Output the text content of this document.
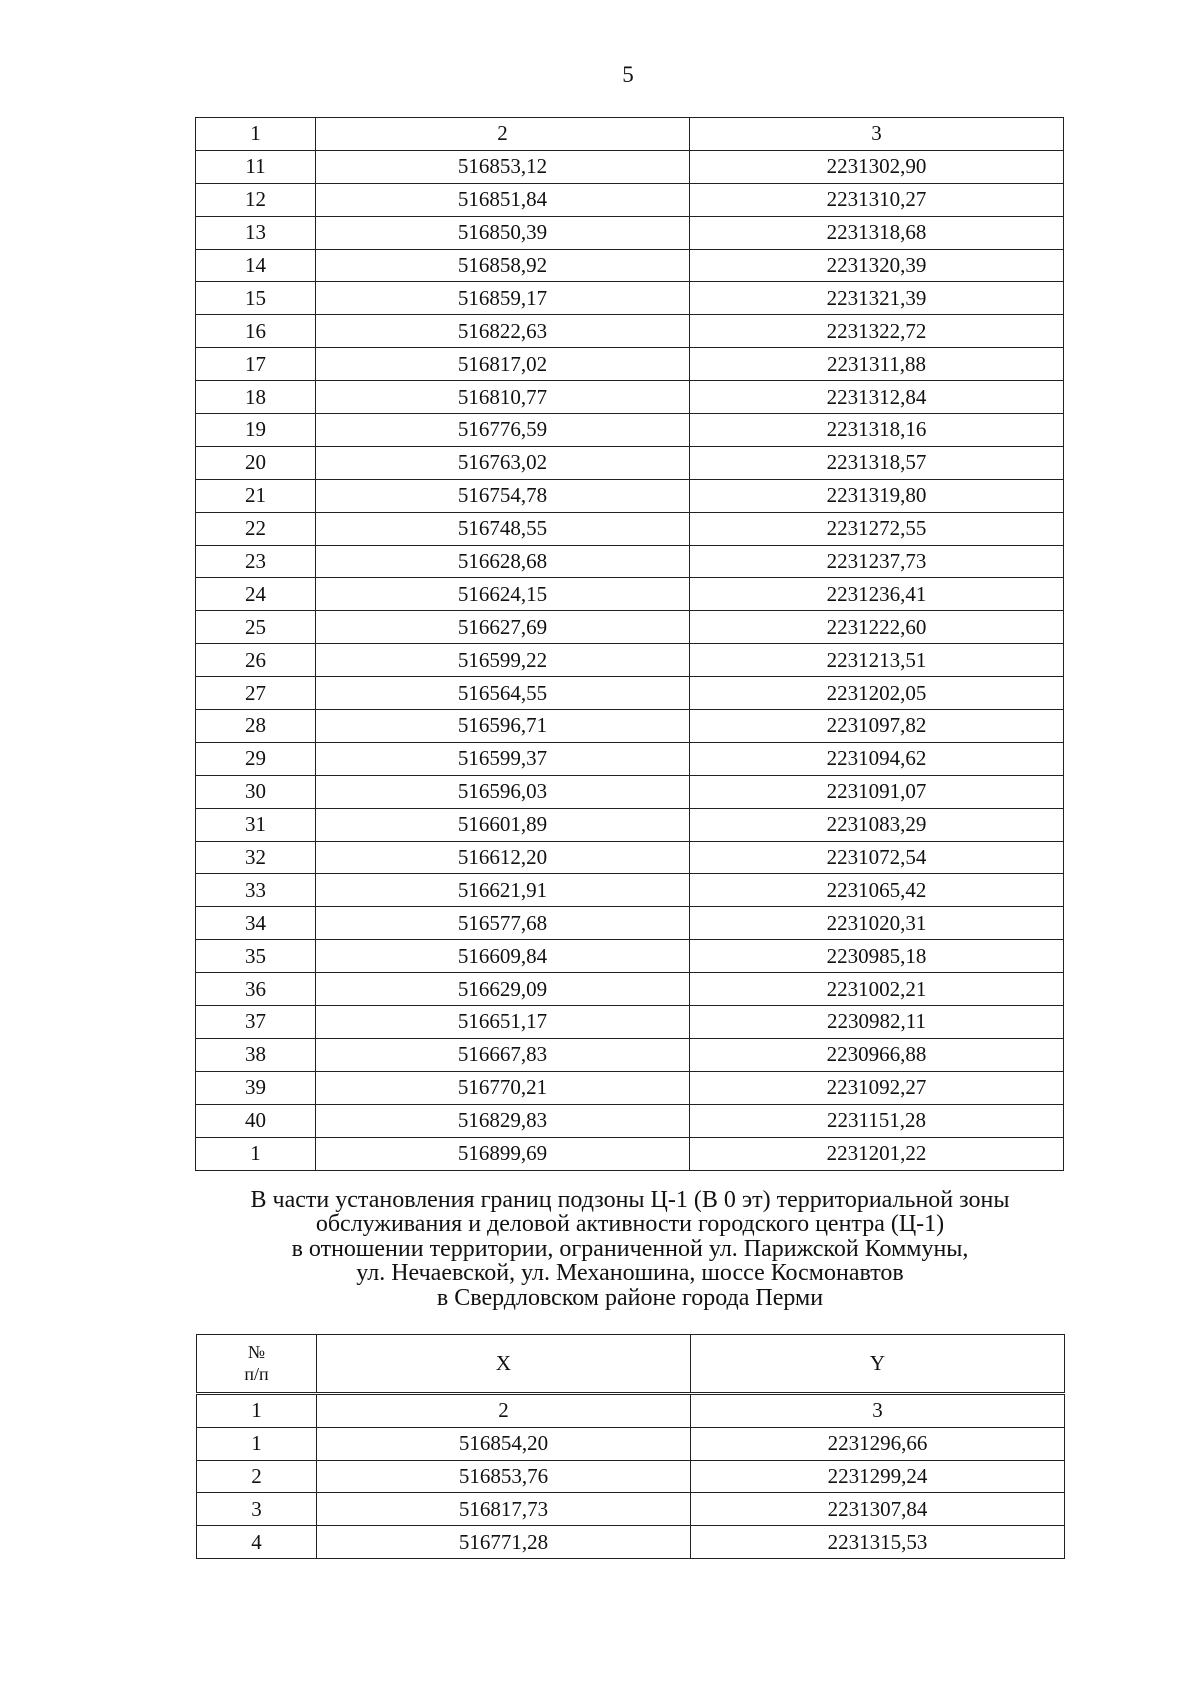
5
1	2	3
11	516853,12	2231302,90
12	516851,84	2231310,27
13	516850,39	2231318,68
14	516858,92	2231320,39
15	516859,17	2231321,39
16	516822,63	2231322,72
17	516817,02	2231311,88
18	516810,77	2231312,84
19	516776,59	2231318,16
20	516763,02	2231318,57
21	516754,78	2231319,80
22	516748,55	2231272,55
23	516628,68	2231237,73
24	516624,15	2231236,41
25	516627,69	2231222,60
26	516599,22	2231213,51
27	516564,55	2231202,05
28	516596,71	2231097,82
29	516599,37	2231094,62
30	516596,03	2231091,07
31	516601,89	2231083,29
32	516612,20	2231072,54
33	516621,91	2231065,42
34	516577,68	2231020,31
35	516609,84	2230985,18
36	516629,09	2231002,21
37	516651,17	2230982,11
38	516667,83	2230966,88
39	516770,21	2231092,27
40	516829,83	2231151,28
1	516899,69	2231201,22
В части установления границ подзоны Ц-1 (В 0 эт) территориальной зоны
обслуживания и деловой активности городского центра (Ц-1)
в отношении территории, ограниченной ул. Парижской Коммуны,
ул. Нечаевской, ул. Механошина, шоссе Космонавтов
в Свердловском районе города Перми
№
п/п	X	Y
1	2	3
1	516854,20	2231296,66
2	516853,76	2231299,24
3	516817,73	2231307,84
4	516771,28	2231315,53
